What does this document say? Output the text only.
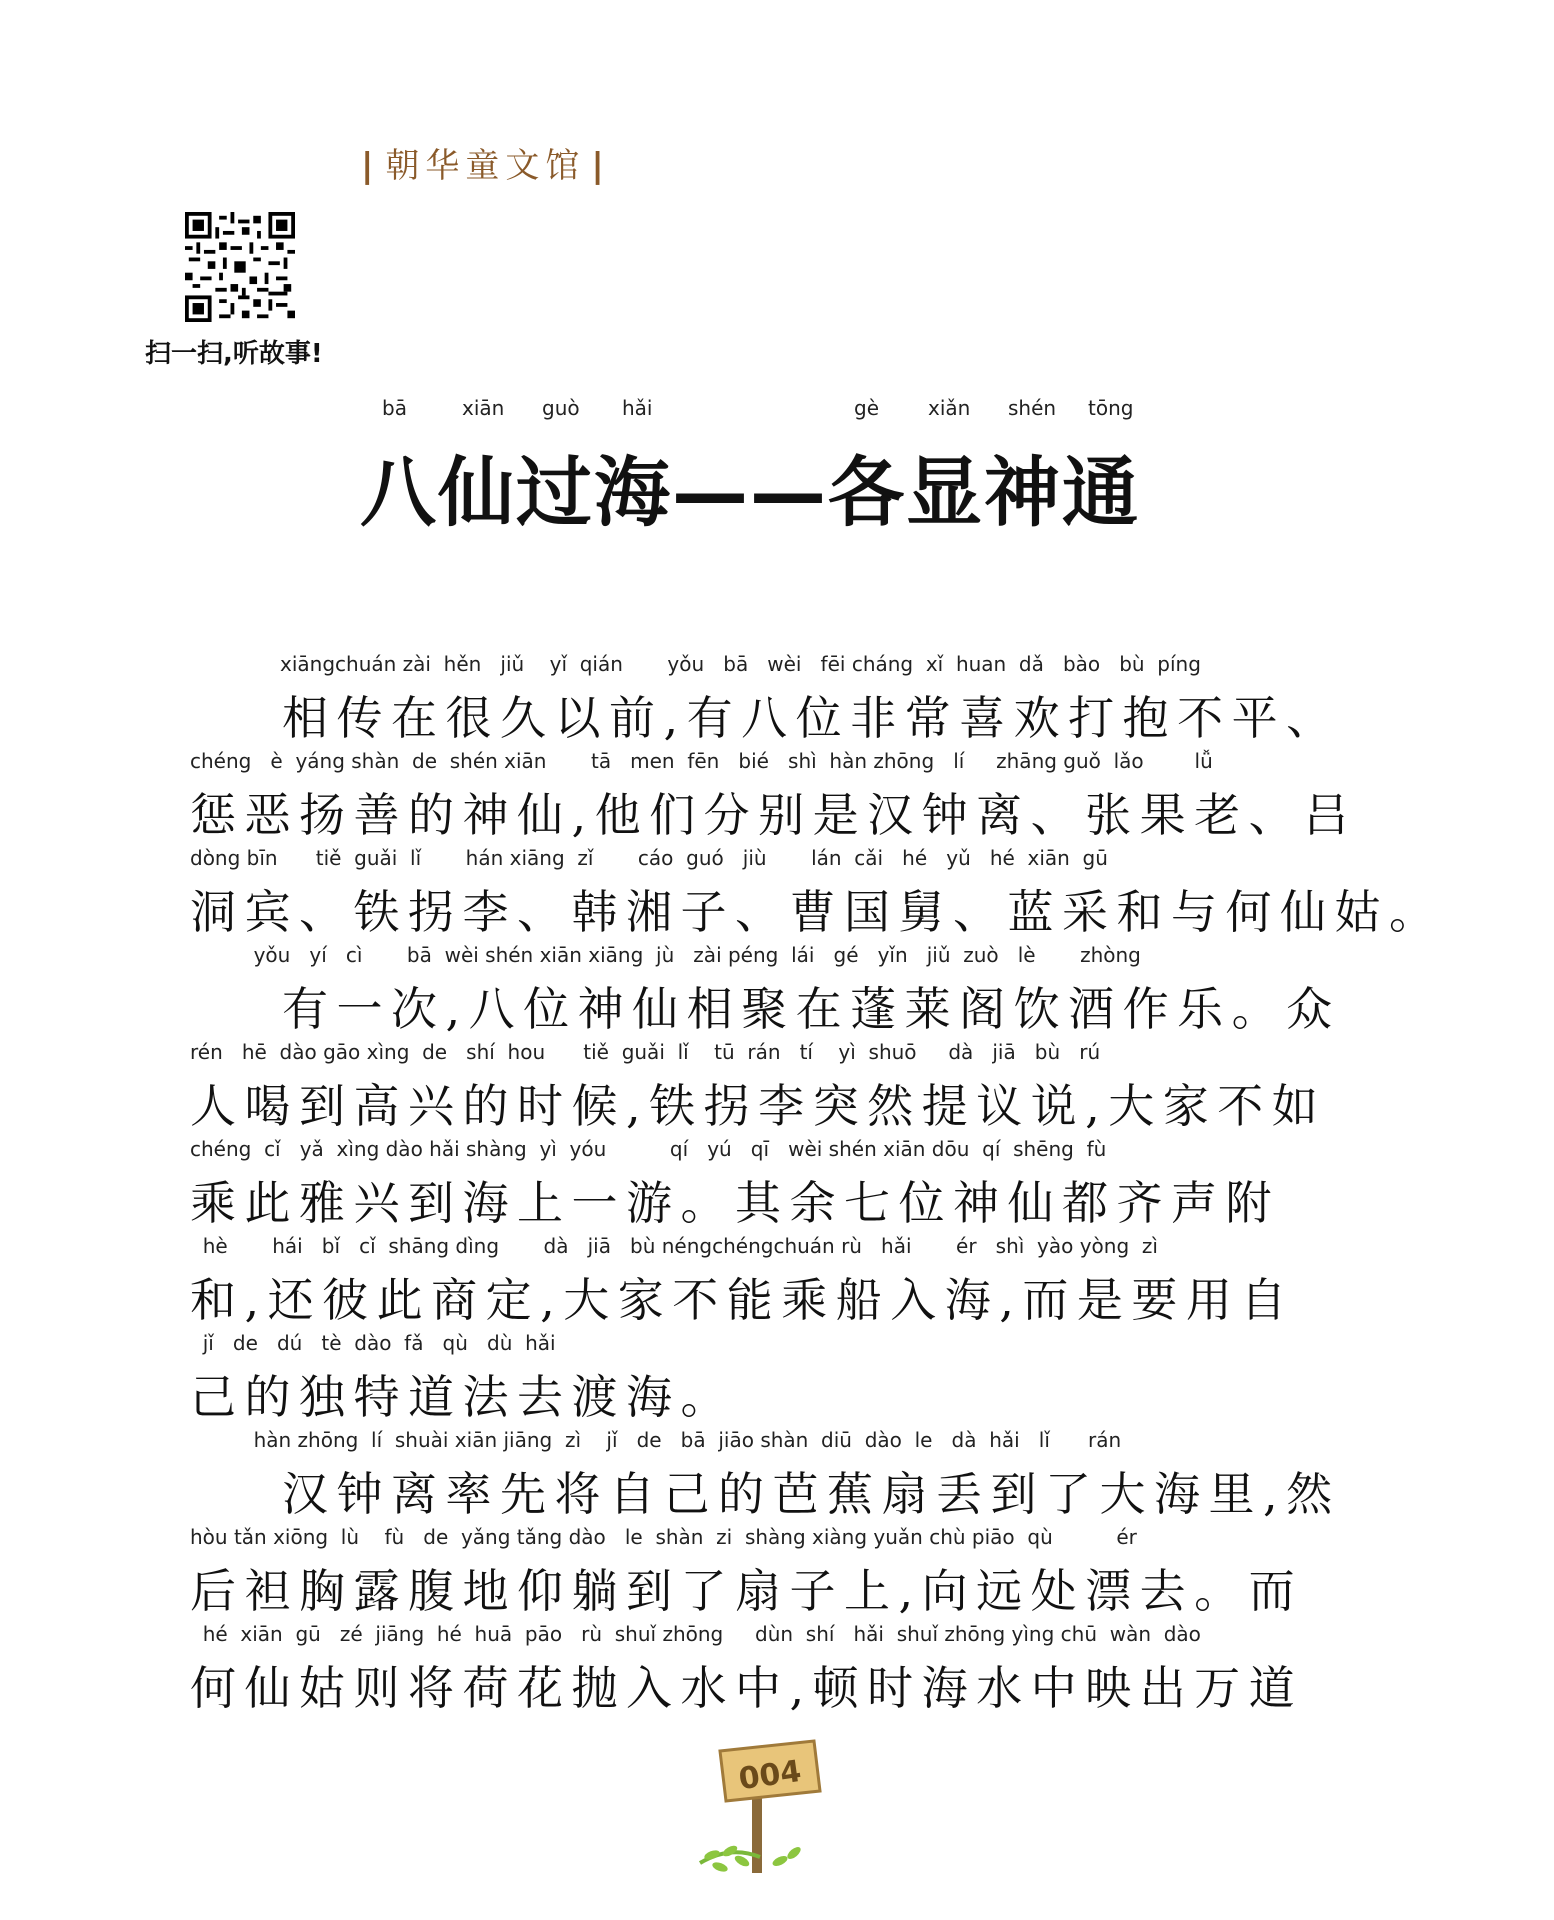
| 朝华童文馆 |
扫一扫,听故事!
bā	xiān guò hǎi	gè xiǎn shén tōng
八仙过海——各显神通
xiāngchuán zài  hěn   jiǔ    yǐ  qián       yǒu   bā   wèi   fēi cháng  xǐ  huan  dǎ   bào   bù  píng
相传在很久以前,有八位非常喜欢打抱不平、
chéng   è  yáng shàn  de  shén xiān       tā   men  fēn   bié   shì  hàn zhōng   lí     zhāng guǒ  lǎo        lǚ
惩恶扬善的神仙,他们分别是汉钟离、张果老、吕
dòng bīn      tiě  guǎi  lǐ       hán xiāng  zǐ       cáo  guó   jiù       lán  cǎi   hé   yǔ   hé  xiān  gū
洞宾、铁拐李、韩湘子、曹国舅、蓝采和与何仙姑。
yǒu   yí   cì       bā  wèi shén xiān xiāng  jù   zài péng  lái   gé   yǐn   jiǔ  zuò   lè       zhòng
有一次,八位神仙相聚在蓬莱阁饮酒作乐。众
rén   hē  dào gāo xìng  de   shí  hou      tiě  guǎi  lǐ    tū  rán   tí    yì  shuō     dà   jiā   bù   rú
人喝到高兴的时候,铁拐李突然提议说,大家不如
chéng  cǐ   yǎ  xìng dào hǎi shàng  yì  yóu          qí   yú   qī   wèi shén xiān dōu  qí  shēng  fù
乘此雅兴到海上一游。其余七位神仙都齐声附
hè       hái   bǐ   cǐ  shāng dìng       dà   jiā   bù néngchéngchuán rù   hǎi       ér   shì  yào yòng  zì
和,还彼此商定,大家不能乘船入海,而是要用自
jǐ   de   dú   tè  dào  fǎ   qù   dù  hǎi
己的独特道法去渡海。
hàn zhōng  lí  shuài xiān jiāng  zì    jǐ   de   bā  jiāo shàn  diū  dào  le   dà  hǎi   lǐ      rán
汉钟离率先将自己的芭蕉扇丢到了大海里,然
hòu tǎn xiōng  lù    fù   de  yǎng tǎng dào   le  shàn  zi  shàng xiàng yuǎn chù piāo  qù          ér
后袒胸露腹地仰躺到了扇子上,向远处漂去。而
hé  xiān  gū   zé  jiāng  hé  huā  pāo   rù  shuǐ zhōng     dùn  shí   hǎi  shuǐ zhōng yìng chū  wàn  dào
何仙姑则将荷花抛入水中,顿时海水中映出万道
004
